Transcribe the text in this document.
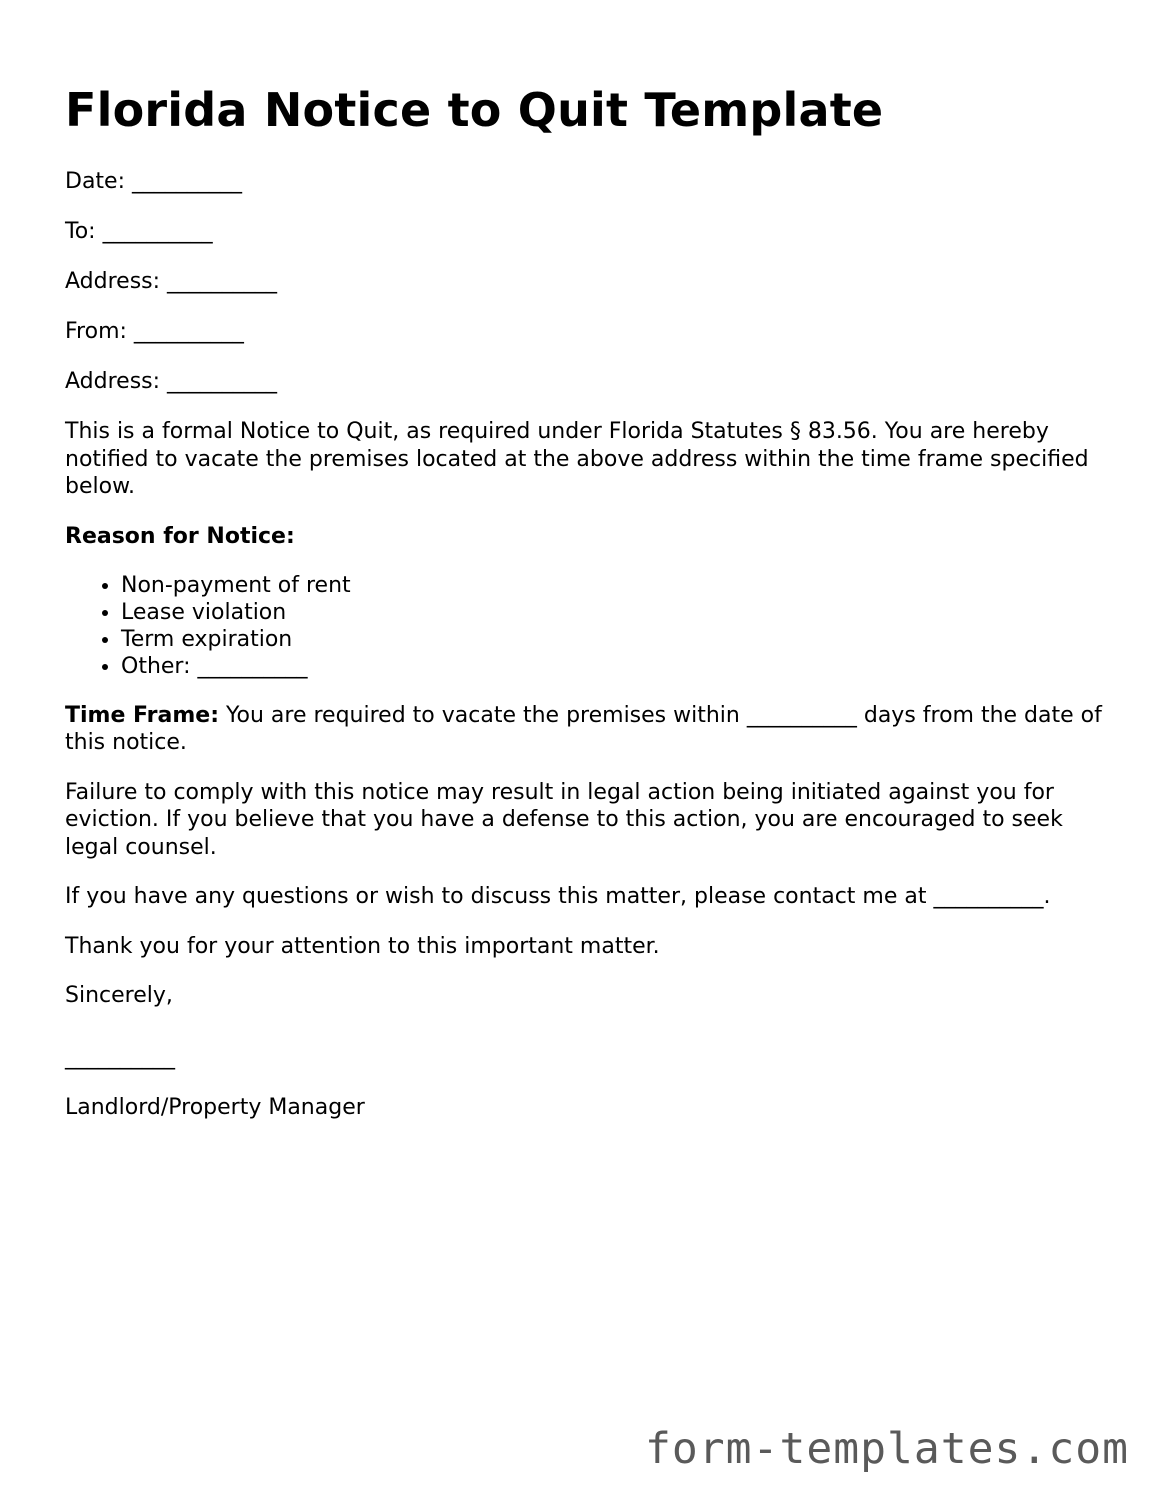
Florida Notice to Quit Template

Date: __________

To: __________

Address: __________

From: __________

Address: __________

This is a formal Notice to Quit, as required under Florida Statutes § 83.56. You are hereby notified to vacate the premises located at the above address within the time frame specified below.

Reason for Notice:

• Non-payment of rent
• Lease violation
• Term expiration
• Other: __________

Time Frame: You are required to vacate the premises within __________ days from the date of this notice.

Failure to comply with this notice may result in legal action being initiated against you for eviction. If you believe that you have a defense to this action, you are encouraged to seek legal counsel.

If you have any questions or wish to discuss this matter, please contact me at __________.

Thank you for your attention to this important matter.

Sincerely,

__________

Landlord/Property Manager

form-templates.com
